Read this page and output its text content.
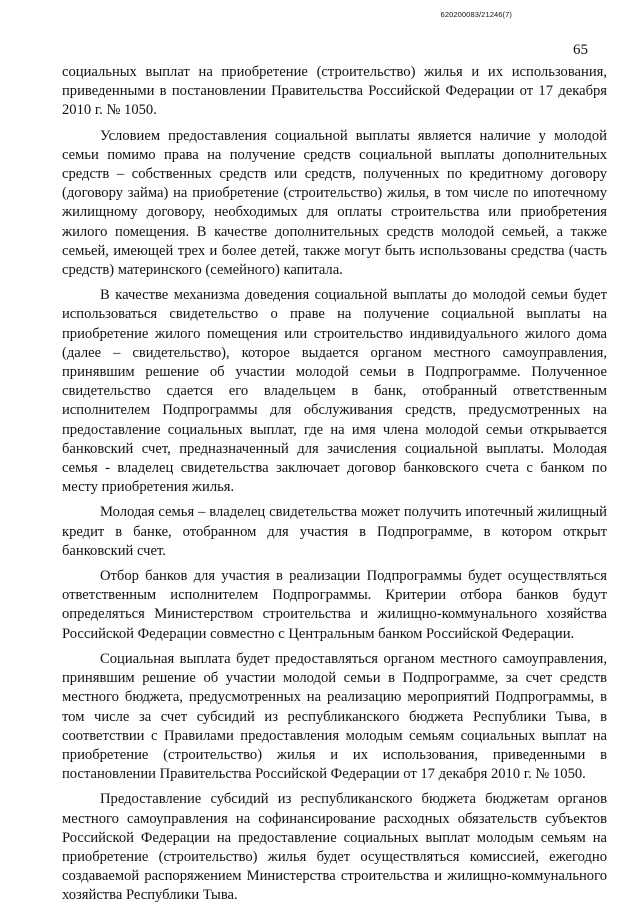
620200083/21246(7)
65

социальных выплат на приобретение (строительство) жилья и их использования, приведенными в постановлении Правительства Российской Федерации от 17 декабря 2010 г. № 1050.

Условием предоставления социальной выплаты является наличие у молодой семьи помимо права на получение средств социальной выплаты дополнительных средств – собственных средств или средств, полученных по кредитному договору (договору займа) на приобретение (строительство) жилья, в том числе по ипотечному жилищному договору, необходимых для оплаты строительства или приобретения жилого помещения. В качестве дополнительных средств молодой семьей, а также семьей, имеющей трех и более детей, также могут быть использованы средства (часть средств) материнского (семейного) капитала.

В качестве механизма доведения социальной выплаты до молодой семьи будет использоваться свидетельство о праве на получение социальной выплаты на приобретение жилого помещения или строительство индивидуального жилого дома (далее – свидетельство), которое выдается органом местного самоуправления, принявшим решение об участии молодой семьи в Подпрограмме. Полученное свидетельство сдается его владельцем в банк, отобранный ответственным исполнителем Подпрограммы для обслуживания средств, предусмотренных на предоставление социальных выплат, где на имя члена молодой семьи открывается банковский счет, предназначенный для зачисления социальной выплаты. Молодая семья - владелец свидетельства заключает договор банковского счета с банком по месту приобретения жилья.

Молодая семья – владелец свидетельства может получить ипотечный жилищный кредит в банке, отобранном для участия в Подпрограмме, в котором открыт банковский счет.

Отбор банков для участия в реализации Подпрограммы будет осуществляться ответственным исполнителем Подпрограммы. Критерии отбора банков будут определяться Министерством строительства и жилищно-коммунального хозяйства Российской Федерации совместно с Центральным банком Российской Федерации.

Социальная выплата будет предоставляться органом местного самоуправления, принявшим решение об участии молодой семьи в Подпрограмме, за счет средств местного бюджета, предусмотренных на реализацию мероприятий Подпрограммы, в том числе за счет субсидий из республиканского бюджета Республики Тыва, в соответствии с Правилами предоставления молодым семьям социальных выплат на приобретение (строительство) жилья и их использования, приведенными в постановлении Правительства Российской Федерации от 17 декабря 2010 г. № 1050.

Предоставление субсидий из республиканского бюджета бюджетам органов местного самоуправления на софинансирование расходных обязательств субъектов Российской Федерации на предоставление социальных выплат молодым семьям на приобретение (строительство) жилья будет осуществляться комиссией, ежегодно создаваемой распоряжением Министерства строительства и жилищно-коммунального хозяйства Республики Тыва.
